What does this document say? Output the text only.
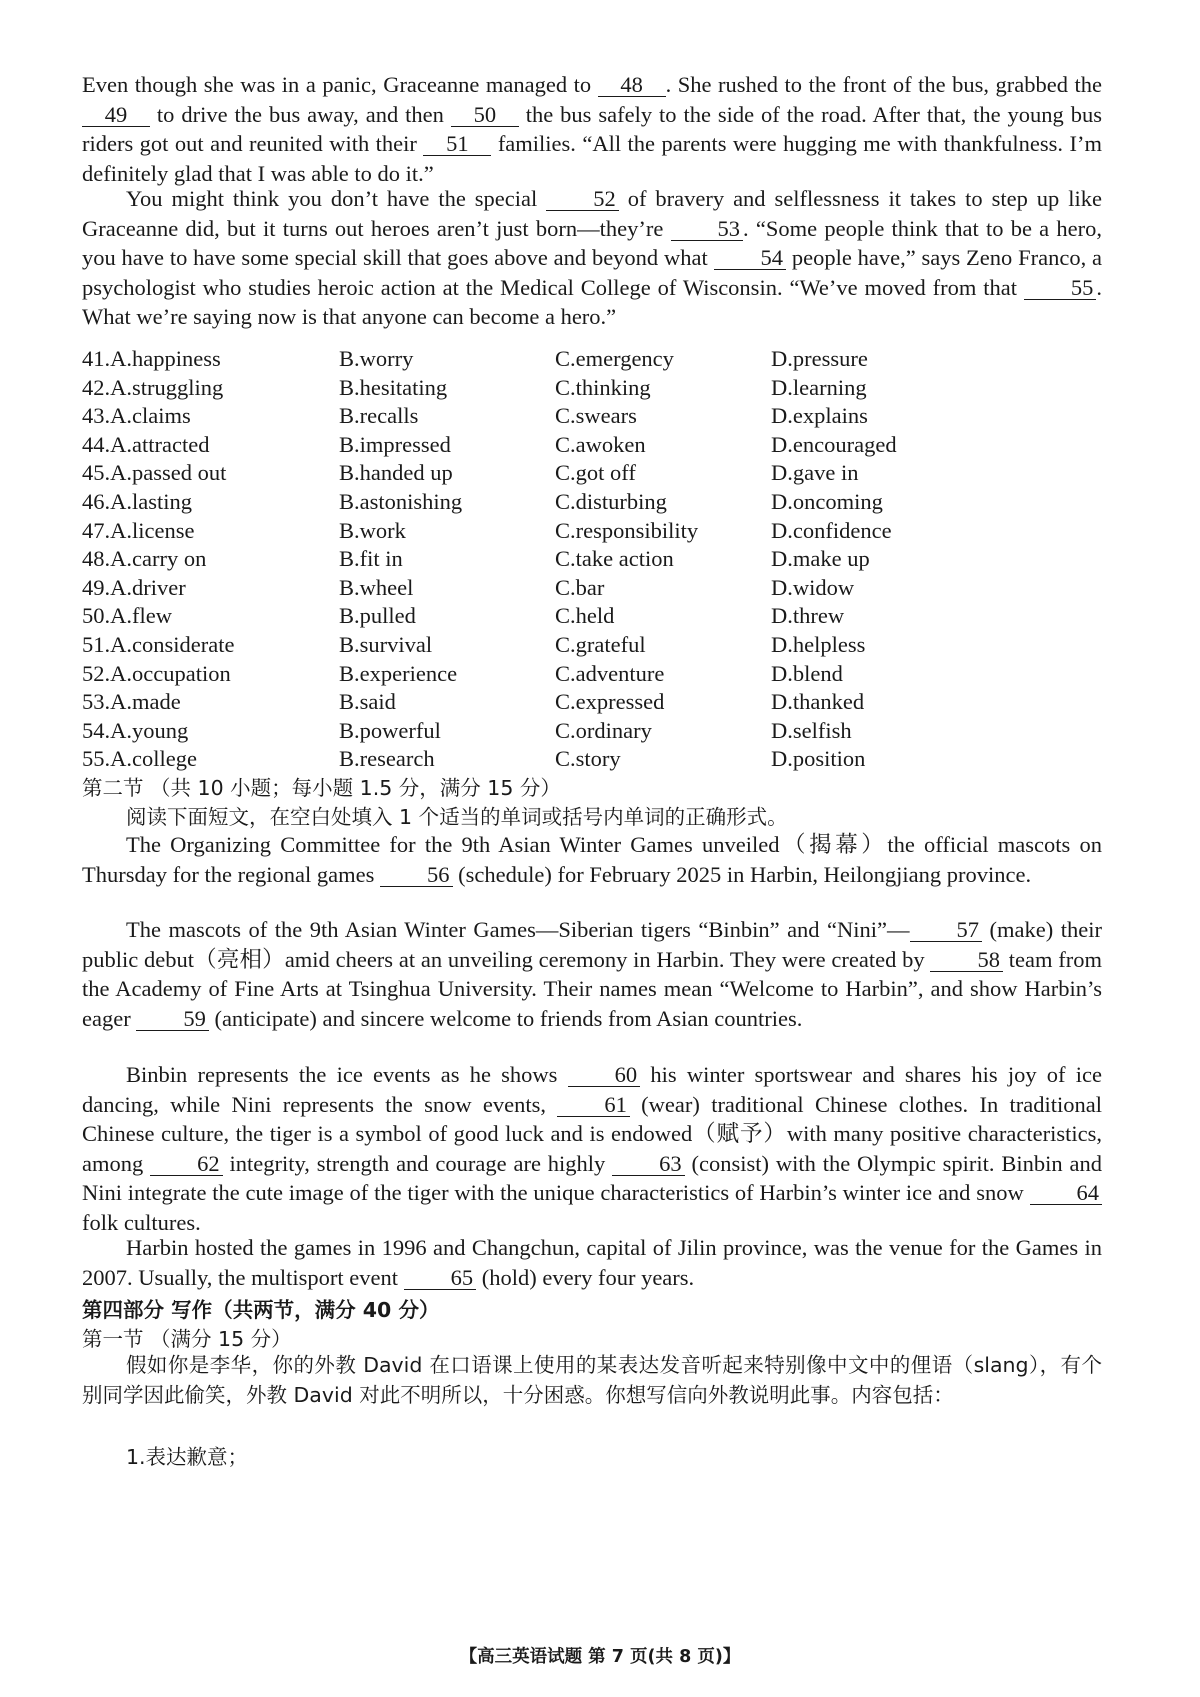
Even though she was in a panic, Graceanne managed to 48 . She rushed to the front of the bus, grabbed the 49 to drive the bus away, and then 50 the bus safely to the side of the road. After that, the young bus riders got out and reunited with their 51 families. “All the parents were hugging me with thankfulness. I’m definitely glad that I was able to do it.”
You might think you don’t have the special 52 of bravery and selflessness it takes to step up like Graceanne did, but it turns out heroes aren’t just born—they’re 53 . “Some people think that to be a hero, you have to have some special skill that goes above and beyond what 54 people have,” says Zeno Franco, a psychologist who studies heroic action at the Medical College of Wisconsin. “We’ve moved from that 55 . What we’re saying now is that anyone can become a hero.”
41.A.happiness	B.worry	C.emergency	D.pressure
42.A.struggling	B.hesitating	C.thinking	D.learning
43.A.claims	B.recalls	C.swears	D.explains
44.A.attracted	B.impressed	C.awoken	D.encouraged
45.A.passed out	B.handed up	C.got off	D.gave in
46.A.lasting	B.astonishing	C.disturbing	D.oncoming
47.A.license	B.work	C.responsibility	D.confidence
48.A.carry on	B.fit in	C.take action	D.make up
49.A.driver	B.wheel	C.bar	D.widow
50.A.flew	B.pulled	C.held	D.threw
51.A.considerate	B.survival	C.grateful	D.helpless
52.A.occupation	B.experience	C.adventure	D.blend
53.A.made	B.said	C.expressed	D.thanked
54.A.young	B.powerful	C.ordinary	D.selfish
55.A.college	B.research	C.story	D.position
第二节 （共 10 小题；每小题 1.5 分，满分 15 分）
阅读下面短文，在空白处填入 1 个适当的单词或括号内单词的正确形式。
The Organizing Committee for the 9th Asian Winter Games unveiled（揭幕）the official mascots on Thursday for the regional games 56 (schedule) for February 2025 in Harbin, Heilongjiang province.
The mascots of the 9th Asian Winter Games—Siberian tigers “Binbin” and “Nini”— 57 (make) their public debut（亮相）amid cheers at an unveiling ceremony in Harbin. They were created by 58 team from the Academy of Fine Arts at Tsinghua University. Their names mean “Welcome to Harbin”, and show Harbin’s eager 59 (anticipate) and sincere welcome to friends from Asian countries.
Binbin represents the ice events as he shows 60 his winter sportswear and shares his joy of ice dancing, while Nini represents the snow events, 61 (wear) traditional Chinese clothes. In traditional Chinese culture, the tiger is a symbol of good luck and is endowed（赋予）with many positive characteristics, among 62 integrity, strength and courage are highly 63 (consist) with the Olympic spirit. Binbin and Nini integrate the cute image of the tiger with the unique characteristics of Harbin’s winter ice and snow 64 folk cultures.
Harbin hosted the games in 1996 and Changchun, capital of Jilin province, was the venue for the Games in 2007. Usually, the multisport event 65 (hold) every four years.
第四部分 写作（共两节，满分 40 分）
第一节 （满分 15 分）
假如你是李华，你的外教 David 在口语课上使用的某表达发音听起来特别像中文中的俚语（slang），有个别同学因此偷笑，外教 David 对此不明所以，十分困惑。你想写信向外教说明此事。内容包括：
1.表达歉意；
【高三英语试题 第 7 页(共 8 页)】
